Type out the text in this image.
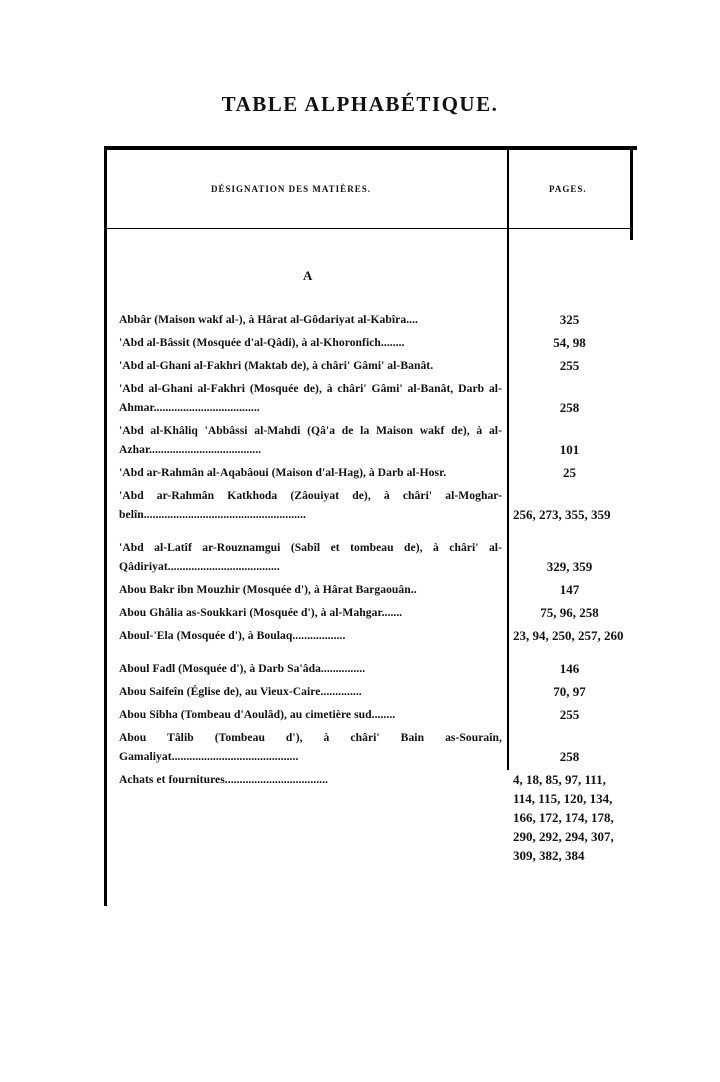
TABLE ALPHABÉTIQUE.
DÉSIGNATION DES MATIÈRES.	PAGES.
A
Abbâr (Maison wakf al-), à Hârat al-Gôdariyat al-Kabîra....	325
'Abd al-Bâssit (Mosquée d'al-Qâdi), à al-Khoronfich........	54, 98
'Abd al-Ghani al-Fakhri (Maktab de), à châri' Gâmi' al-Banât.	255
'Abd al-Ghani al-Fakhri (Mosquée de), à châri' Gâmi' al-Banât, Darb al-Ahmar....................................	258
'Abd al-Khâliq 'Abbâssi al-Mahdi (Qâ'a de la Maison wakf de), à al-Azhar......................................	101
'Abd ar-Rahmân al-Aqabâoui (Maison d'al-Hag), à Darb al-Hosr.	25
'Abd ar-Rahmân Katkhoda (Zâouiyat de), à châri' al-Moghar-belîn.......................................................	256, 273, 355, 359
'Abd al-Latîf ar-Rouznamgui (Sabîl et tombeau de), à châri' al-Qâdiriyat......................................	329, 359
Abou Bakr ibn Mouzhir (Mosquée d'), à Hârat Bargaouân..	147
Abou Ghâlia as-Soukkari (Mosquée d'), à al-Mahgar.......	75, 96, 258
Aboul-'Ela (Mosquée d'), à Boulaq..................	23, 94, 250, 257, 260
Aboul Fadl (Mosquée d'), à Darb Sa'âda...............	146
Abou Saifeîn (Église de), au Vieux-Caire..............	70, 97
Abou Sibha (Tombeau d'Aoulâd), au cimetière sud........	255
Abou Tâlib (Tombeau d'), à châri' Bain as-Souraîn, Gamaliyat...........................................	258
Achats et fournitures...................................	4, 18, 85, 97, 111, 114, 115, 120, 134, 166, 172, 174, 178, 290, 292, 294, 307, 309, 382, 384
